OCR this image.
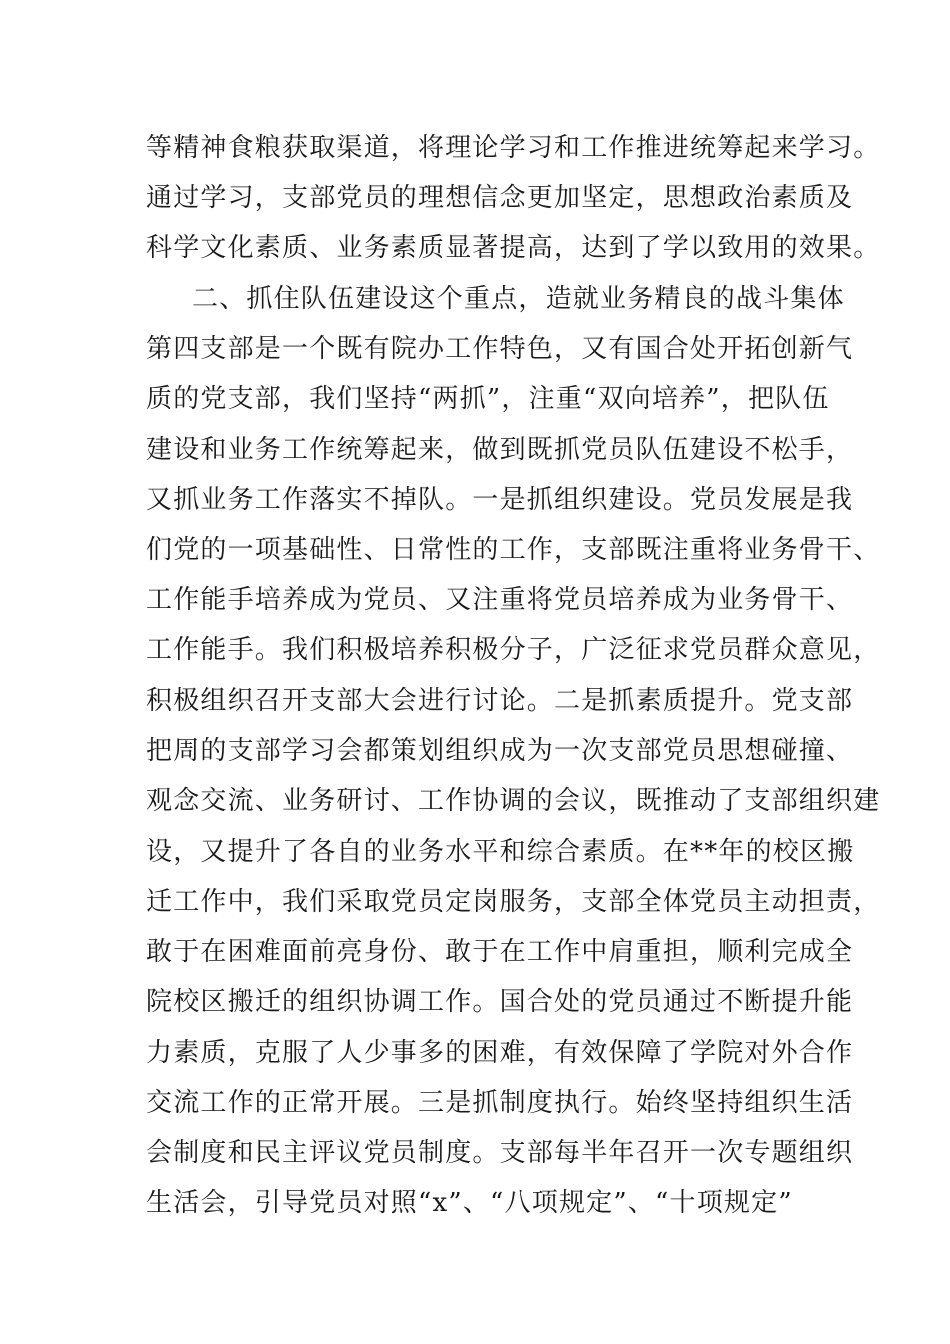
等精神食粮获取渠道，将理论学习和工作推进统筹起来学习。
通过学习，支部党员的理想信念更加坚定，思想政治素质及
科学文化素质、业务素质显著提高，达到了学以致用的效果。
二、抓住队伍建设这个重点，造就业务精良的战斗集体
第四支部是一个既有院办工作特色，又有国合处开拓创新气
质的党支部，我们坚持“两抓”，注重“双向培养”，把队伍
建设和业务工作统筹起来，做到既抓党员队伍建设不松手，
又抓业务工作落实不掉队。一是抓组织建设。党员发展是我
们党的一项基础性、日常性的工作，支部既注重将业务骨干、
工作能手培养成为党员、又注重将党员培养成为业务骨干、
工作能手。我们积极培养积极分子，广泛征求党员群众意见，
积极组织召开支部大会进行讨论。二是抓素质提升。党支部
把周的支部学习会都策划组织成为一次支部党员思想碰撞、
观念交流、业务研讨、工作协调的会议，既推动了支部组织建
设，又提升了各自的业务水平和综合素质。在**年的校区搬
迁工作中，我们采取党员定岗服务，支部全体党员主动担责，
敢于在困难面前亮身份、敢于在工作中肩重担，顺利完成全
院校区搬迁的组织协调工作。国合处的党员通过不断提升能
力素质，克服了人少事多的困难，有效保障了学院对外合作
交流工作的正常开展。三是抓制度执行。始终坚持组织生活
会制度和民主评议党员制度。支部每半年召开一次专题组织
生活会，引导党员对照“x”、“八项规定”、“十项规定”
